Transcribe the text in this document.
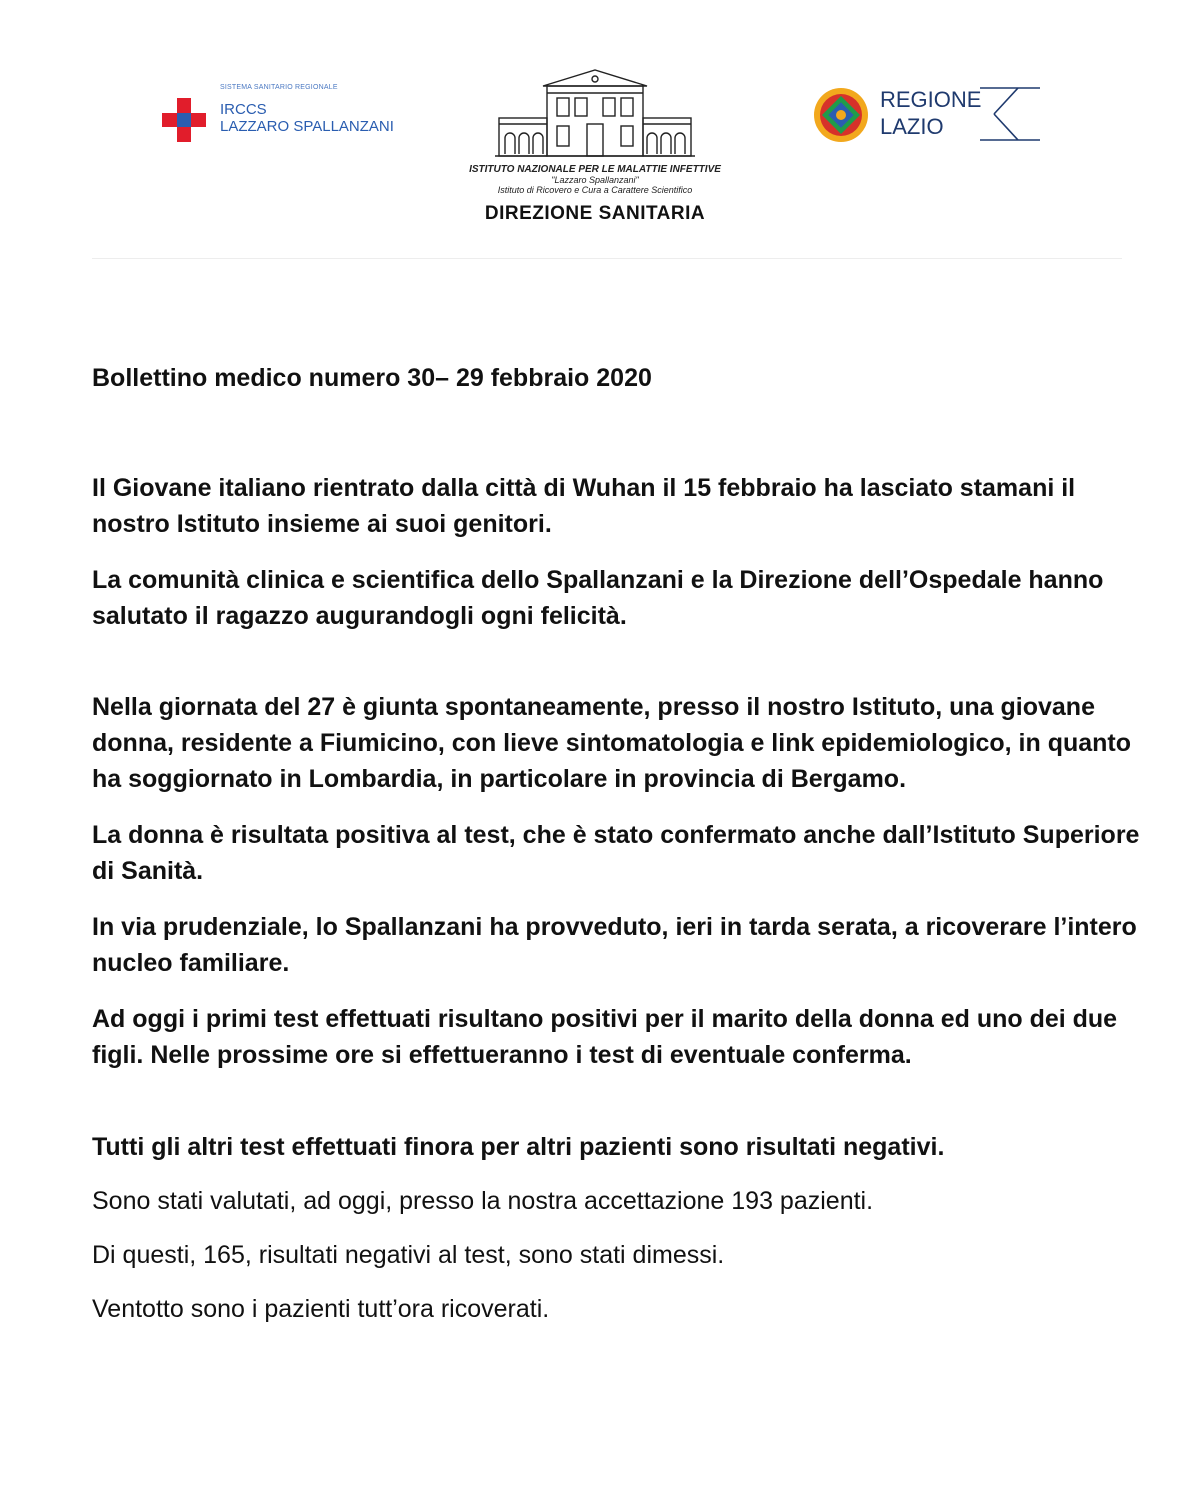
SISTEMA SANITARIO REGIONALE
IRCCS
LAZZARO SPALLANZANI
ISTITUTO NAZIONALE PER LE MALATTIE INFETTIVE
"Lazzaro Spallanzani"
Istituto di Ricovero e Cura a Carattere Scientifico
DIREZIONE SANITARIA
REGIONE
LAZIO

Bollettino medico numero 30– 29 febbraio 2020

Il Giovane italiano rientrato dalla città di Wuhan il 15 febbraio ha lasciato stamani il nostro Istituto insieme ai suoi genitori.

La comunità clinica e scientifica dello Spallanzani e la Direzione dell’Ospedale hanno salutato il ragazzo augurandogli ogni felicità.

Nella giornata del 27 è giunta spontaneamente, presso il nostro Istituto, una giovane donna, residente a Fiumicino, con lieve sintomatologia e link epidemiologico, in quanto ha soggiornato in Lombardia, in particolare in provincia di Bergamo.

La donna è risultata positiva al test, che è stato confermato anche dall’Istituto Superiore di Sanità.

In via prudenziale, lo Spallanzani ha provveduto, ieri in tarda serata, a ricoverare l’intero nucleo familiare.

Ad oggi i primi test effettuati risultano positivi per il marito della donna ed uno dei due figli. Nelle prossime ore si effettueranno i test di eventuale conferma.

Tutti gli altri test effettuati finora per altri pazienti sono risultati negativi.

Sono stati valutati, ad oggi, presso la nostra accettazione 193 pazienti.

Di questi, 165, risultati negativi al test, sono stati dimessi.

Ventotto sono i pazienti tutt’ora ricoverati.
